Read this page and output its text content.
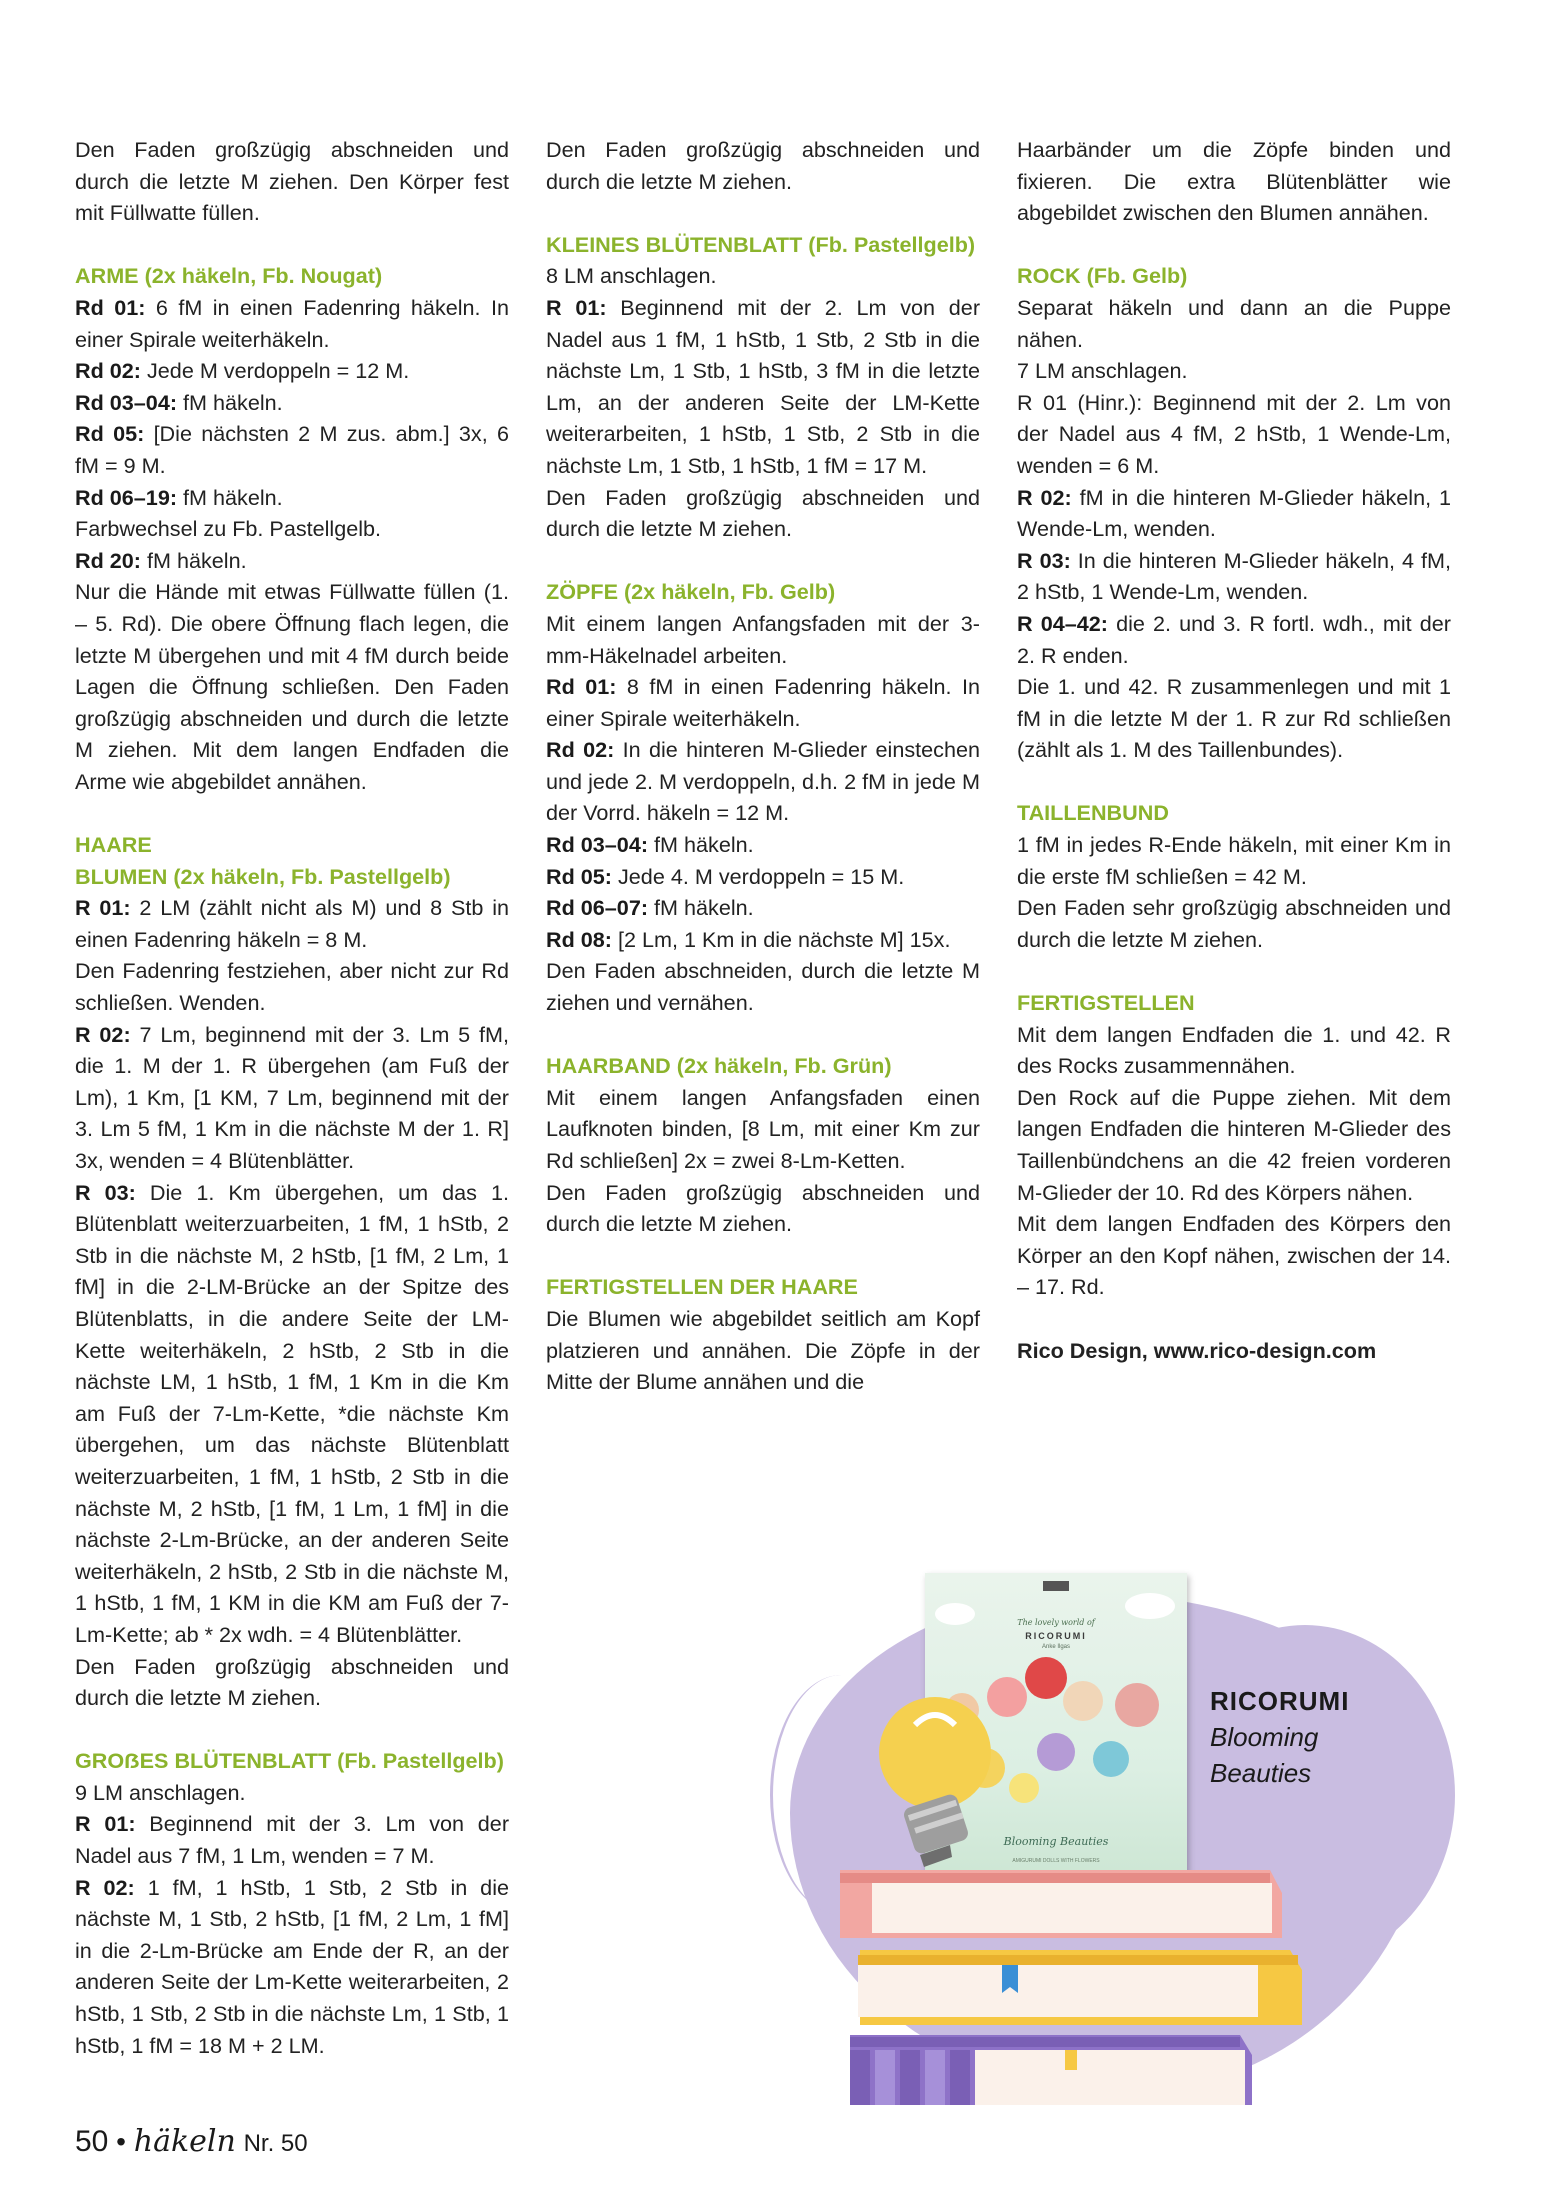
Den Faden großzügig abschneiden und durch die letzte M ziehen. Den Körper fest mit Füllwatte füllen.

ARME (2x häkeln, Fb. Nougat)

Rd 01: 6 fM in einen Fadenring häkeln. In einer Spirale weiterhäkeln.

Rd 02: Jede M verdoppeln = 12 M.

Rd 03–04: fM häkeln.

Rd 05: [Die nächsten 2 M zus. abm.] 3x, 6 fM = 9 M.

Rd 06–19: fM häkeln.

Farbwechsel zu Fb. Pastellgelb.

Rd 20: fM häkeln.

Nur die Hände mit etwas Füllwatte füllen (1. – 5. Rd). Die obere Öffnung flach legen, die letzte M übergehen und mit 4 fM durch beide Lagen die Öffnung schließen. Den Faden großzügig abschneiden und durch die letzte M ziehen. Mit dem langen Endfaden die Arme wie abgebildet annähen.

HAARE

BLUMEN (2x häkeln, Fb. Pastellgelb)

R 01: 2 LM (zählt nicht als M) und 8 Stb in einen Fadenring häkeln = 8 M.

Den Fadenring festziehen, aber nicht zur Rd schließen. Wenden.

R 02: 7 Lm, beginnend mit der 3. Lm 5 fM, die 1. M der 1. R übergehen (am Fuß der Lm), 1 Km, [1 KM, 7 Lm, beginnend mit der 3. Lm 5 fM, 1 Km in die nächste M der 1. R] 3x, wenden = 4 Blütenblätter.

R 03: Die 1. Km übergehen, um das 1. Blütenblatt weiterzuarbeiten, 1 fM, 1 hStb, 2 Stb in die nächste M, 2 hStb, [1 fM, 2 Lm, 1 fM] in die 2-LM-Brücke an der Spitze des Blütenblatts, in die andere Seite der LM-Kette weiterhäkeln, 2 hStb, 2 Stb in die nächste LM, 1 hStb, 1 fM, 1 Km in die Km am Fuß der 7-Lm-Kette, *die nächste Km übergehen, um das nächste Blütenblatt weiterzuarbeiten, 1 fM, 1 hStb, 2 Stb in die nächste M, 2 hStb, [1 fM, 1 Lm, 1 fM] in die nächste 2-Lm-Brücke, an der anderen Seite weiterhäkeln, 2 hStb, 2 Stb in die nächste M, 1 hStb, 1 fM, 1 KM in die KM am Fuß der 7-Lm-Kette; ab * 2x wdh. = 4 Blütenblätter.

Den Faden großzügig abschneiden und durch die letzte M ziehen.

GROẞES BLÜTENBLATT (Fb. Pastellgelb)

9 LM anschlagen.

R 01: Beginnend mit der 3. Lm von der Nadel aus 7 fM, 1 Lm, wenden = 7 M.

R 02: 1 fM, 1 hStb, 1 Stb, 2 Stb in die nächste M, 1 Stb, 2 hStb, [1 fM, 2 Lm, 1 fM] in die 2-Lm-Brücke am Ende der R, an der anderen Seite der Lm-Kette weiterarbeiten, 2 hStb, 1 Stb, 2 Stb in die nächste Lm, 1 Stb, 1 hStb, 1 fM = 18 M + 2 LM.

Den Faden großzügig abschneiden und durch die letzte M ziehen.

KLEINES BLÜTENBLATT (Fb. Pastellgelb)

8 LM anschlagen.

R 01: Beginnend mit der 2. Lm von der Nadel aus 1 fM, 1 hStb, 1 Stb, 2 Stb in die nächste Lm, 1 Stb, 1 hStb, 3 fM in die letzte Lm, an der anderen Seite der LM-Kette weiterarbeiten, 1 hStb, 1 Stb, 2 Stb in die nächste Lm, 1 Stb, 1 hStb, 1 fM = 17 M.

Den Faden großzügig abschneiden und durch die letzte M ziehen.

ZÖPFE (2x häkeln, Fb. Gelb)

Mit einem langen Anfangsfaden mit der 3-mm-Häkelnadel arbeiten.

Rd 01: 8 fM in einen Fadenring häkeln. In einer Spirale weiterhäkeln.

Rd 02: In die hinteren M-Glieder einstechen und jede 2. M verdoppeln, d.h. 2 fM in jede M der Vorrd. häkeln = 12 M.

Rd 03–04: fM häkeln.

Rd 05: Jede 4. M verdoppeln = 15 M.

Rd 06–07: fM häkeln.

Rd 08: [2 Lm, 1 Km in die nächste M] 15x.

Den Faden abschneiden, durch die letzte M ziehen und vernähen.

HAARBAND (2x häkeln, Fb. Grün)

Mit einem langen Anfangsfaden einen Laufknoten binden, [8 Lm, mit einer Km zur Rd schließen] 2x = zwei 8-Lm-Ketten.

Den Faden großzügig abschneiden und durch die letzte M ziehen.

FERTIGSTELLEN DER HAARE

Die Blumen wie abgebildet seitlich am Kopf platzieren und annähen. Die Zöpfe in der Mitte der Blume annähen und die

Haarbänder um die Zöpfe binden und fixieren. Die extra Blütenblätter wie abgebildet zwischen den Blumen annähen.

ROCK (Fb. Gelb)

Separat häkeln und dann an die Puppe nähen.

7 LM anschlagen.

R 01 (Hinr.): Beginnend mit der 2. Lm von der Nadel aus 4 fM, 2 hStb, 1 Wende-Lm, wenden = 6 M.

R 02: fM in die hinteren M-Glieder häkeln, 1 Wende-Lm, wenden.

R 03: In die hinteren M-Glieder häkeln, 4 fM, 2 hStb, 1 Wende-Lm, wenden.

R 04–42: die 2. und 3. R fortl. wdh., mit der 2. R enden.

Die 1. und 42. R zusammenlegen und mit 1 fM in die letzte M der 1. R zur Rd schließen (zählt als 1. M des Taillenbundes).

TAILLENBUND

1 fM in jedes R-Ende häkeln, mit einer Km in die erste fM schließen = 42 M.

Den Faden sehr großzügig abschneiden und durch die letzte M ziehen.

FERTIGSTELLEN

Mit dem langen Endfaden die 1. und 42. R des Rocks zusammennähen.

Den Rock auf die Puppe ziehen. Mit dem langen Endfaden die hinteren M-Glieder des Taillenbündchens an die 42 freien vorderen M-Glieder der 10. Rd des Körpers nähen.

Mit dem langen Endfaden des Körpers den Körper an den Kopf nähen, zwischen der 14. – 17. Rd.

Rico Design, www.rico-design.com

The lovely world of
RICORUMI
Anke Ilgas
Blooming Beauties
AMIGURUMI DOLLS WITH FLOWERS
RICORUMI
Blooming
Beauties
50 • häkeln Nr. 50
